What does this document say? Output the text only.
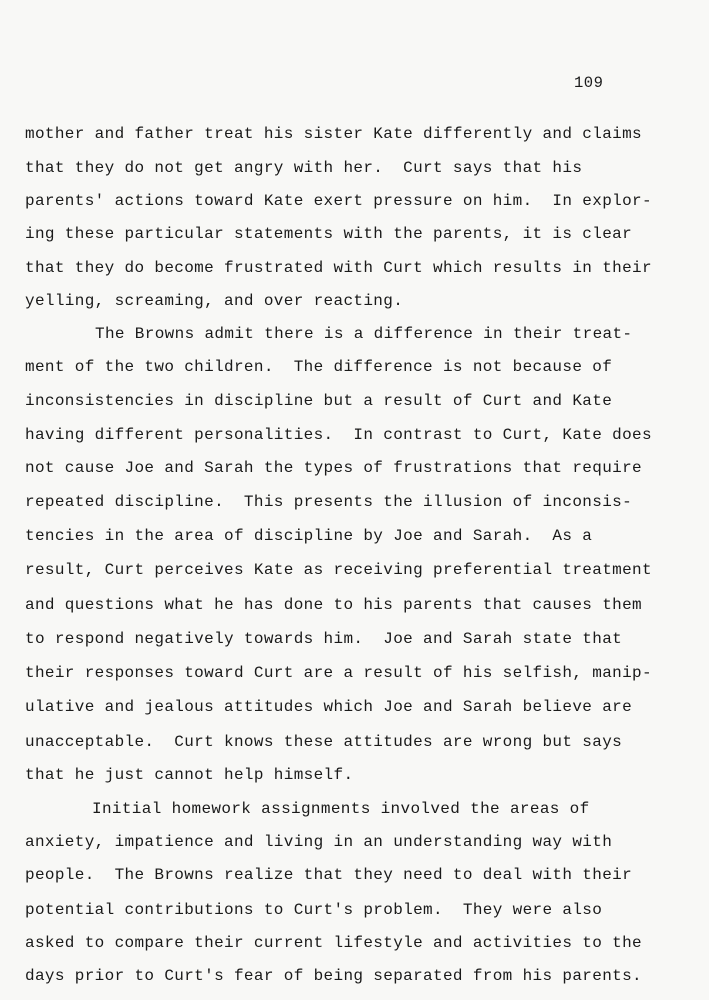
109
mother and father treat his sister Kate differently and claims
that they do not get angry with her.  Curt says that his
parents' actions toward Kate exert pressure on him.  In explor-
ing these particular statements with the parents, it is clear
that they do become frustrated with Curt which results in their
yelling, screaming, and over reacting.
The Browns admit there is a difference in their treat-
ment of the two children.  The difference is not because of
inconsistencies in discipline but a result of Curt and Kate
having different personalities.  In contrast to Curt, Kate does
not cause Joe and Sarah the types of frustrations that require
repeated discipline.  This presents the illusion of inconsis-
tencies in the area of discipline by Joe and Sarah.  As a
result, Curt perceives Kate as receiving preferential treatment
and questions what he has done to his parents that causes them
to respond negatively towards him.  Joe and Sarah state that
their responses toward Curt are a result of his selfish, manip-
ulative and jealous attitudes which Joe and Sarah believe are
unacceptable.  Curt knows these attitudes are wrong but says
that he just cannot help himself.
Initial homework assignments involved the areas of
anxiety, impatience and living in an understanding way with
people.  The Browns realize that they need to deal with their
potential contributions to Curt's problem.  They were also
asked to compare their current lifestyle and activities to the
days prior to Curt's fear of being separated from his parents.
